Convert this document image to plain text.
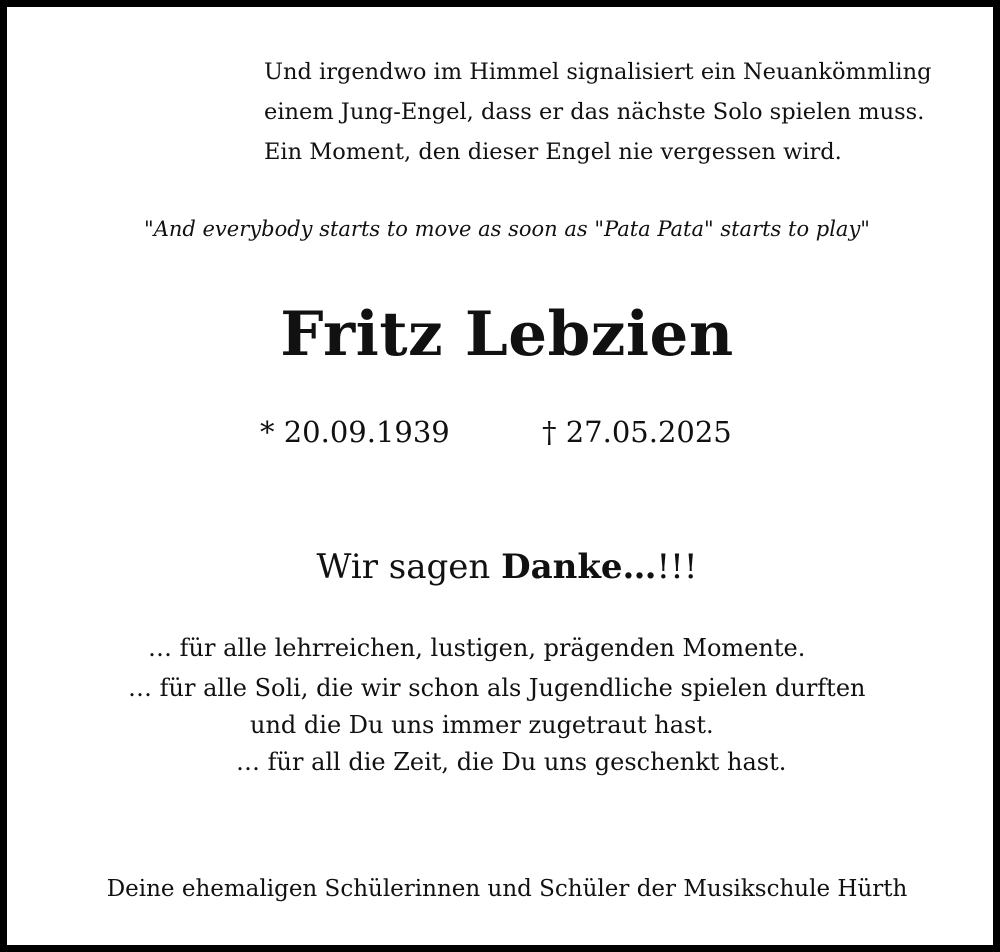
Und irgendwo im Himmel signalisiert ein Neuankömmling
einem Jung-Engel, dass er das nächste Solo spielen muss.
Ein Moment, den dieser Engel nie vergessen wird.
"And everybody starts to move as soon as "Pata Pata" starts to play"
Fritz Lebzien
* 20.09.1939	† 27.05.2025
Wir sagen Danke…!!!
… für alle lehrreichen, lustigen, prägenden Momente.
… für alle Soli, die wir schon als Jugendliche spielen durften
und die Du uns immer zugetraut hast.
… für all die Zeit, die Du uns geschenkt hast.
Deine ehemaligen Schülerinnen und Schüler der Musikschule Hürth
